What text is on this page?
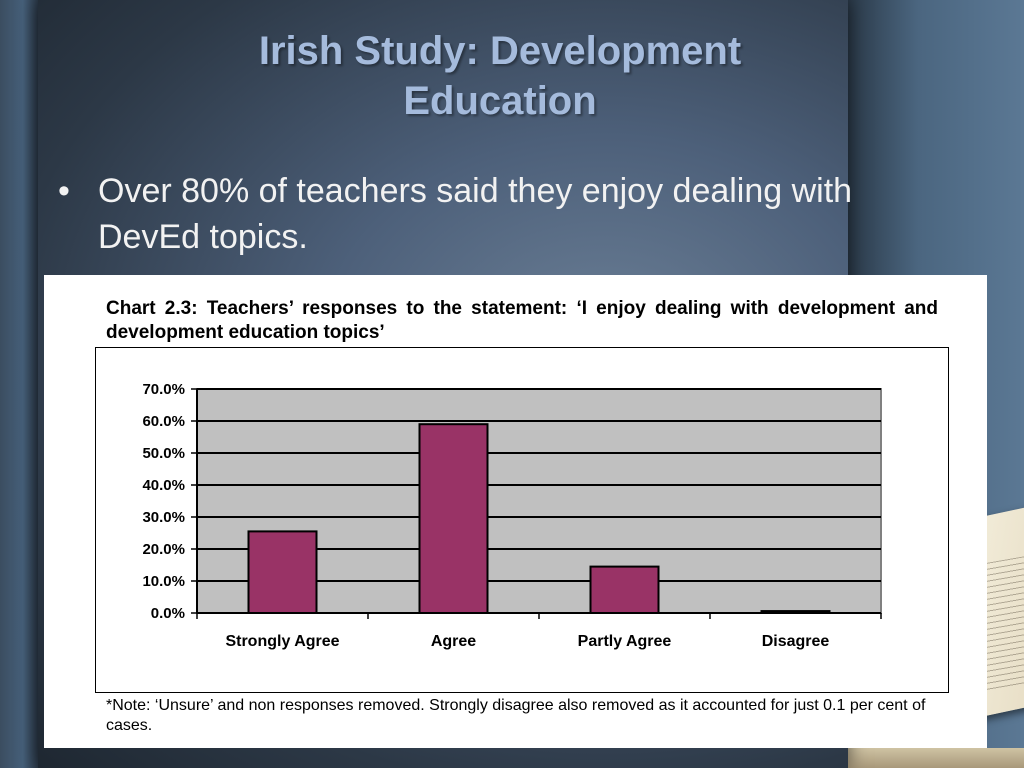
Irish Study: Development
Education
• Over 80% of teachers said they enjoy dealing with DevEd topics.
Chart 2.3: Teachers’ responses to the statement: ‘I enjoy dealing with development and development education topics’
0.0%
10.0%
20.0%
30.0%
40.0%
50.0%
60.0%
70.0%
Strongly Agree	Agree	Partly Agree	Disagree
*Note: ‘Unsure’ and non responses removed. Strongly disagree also removed as it accounted for just 0.1 per cent of cases.
